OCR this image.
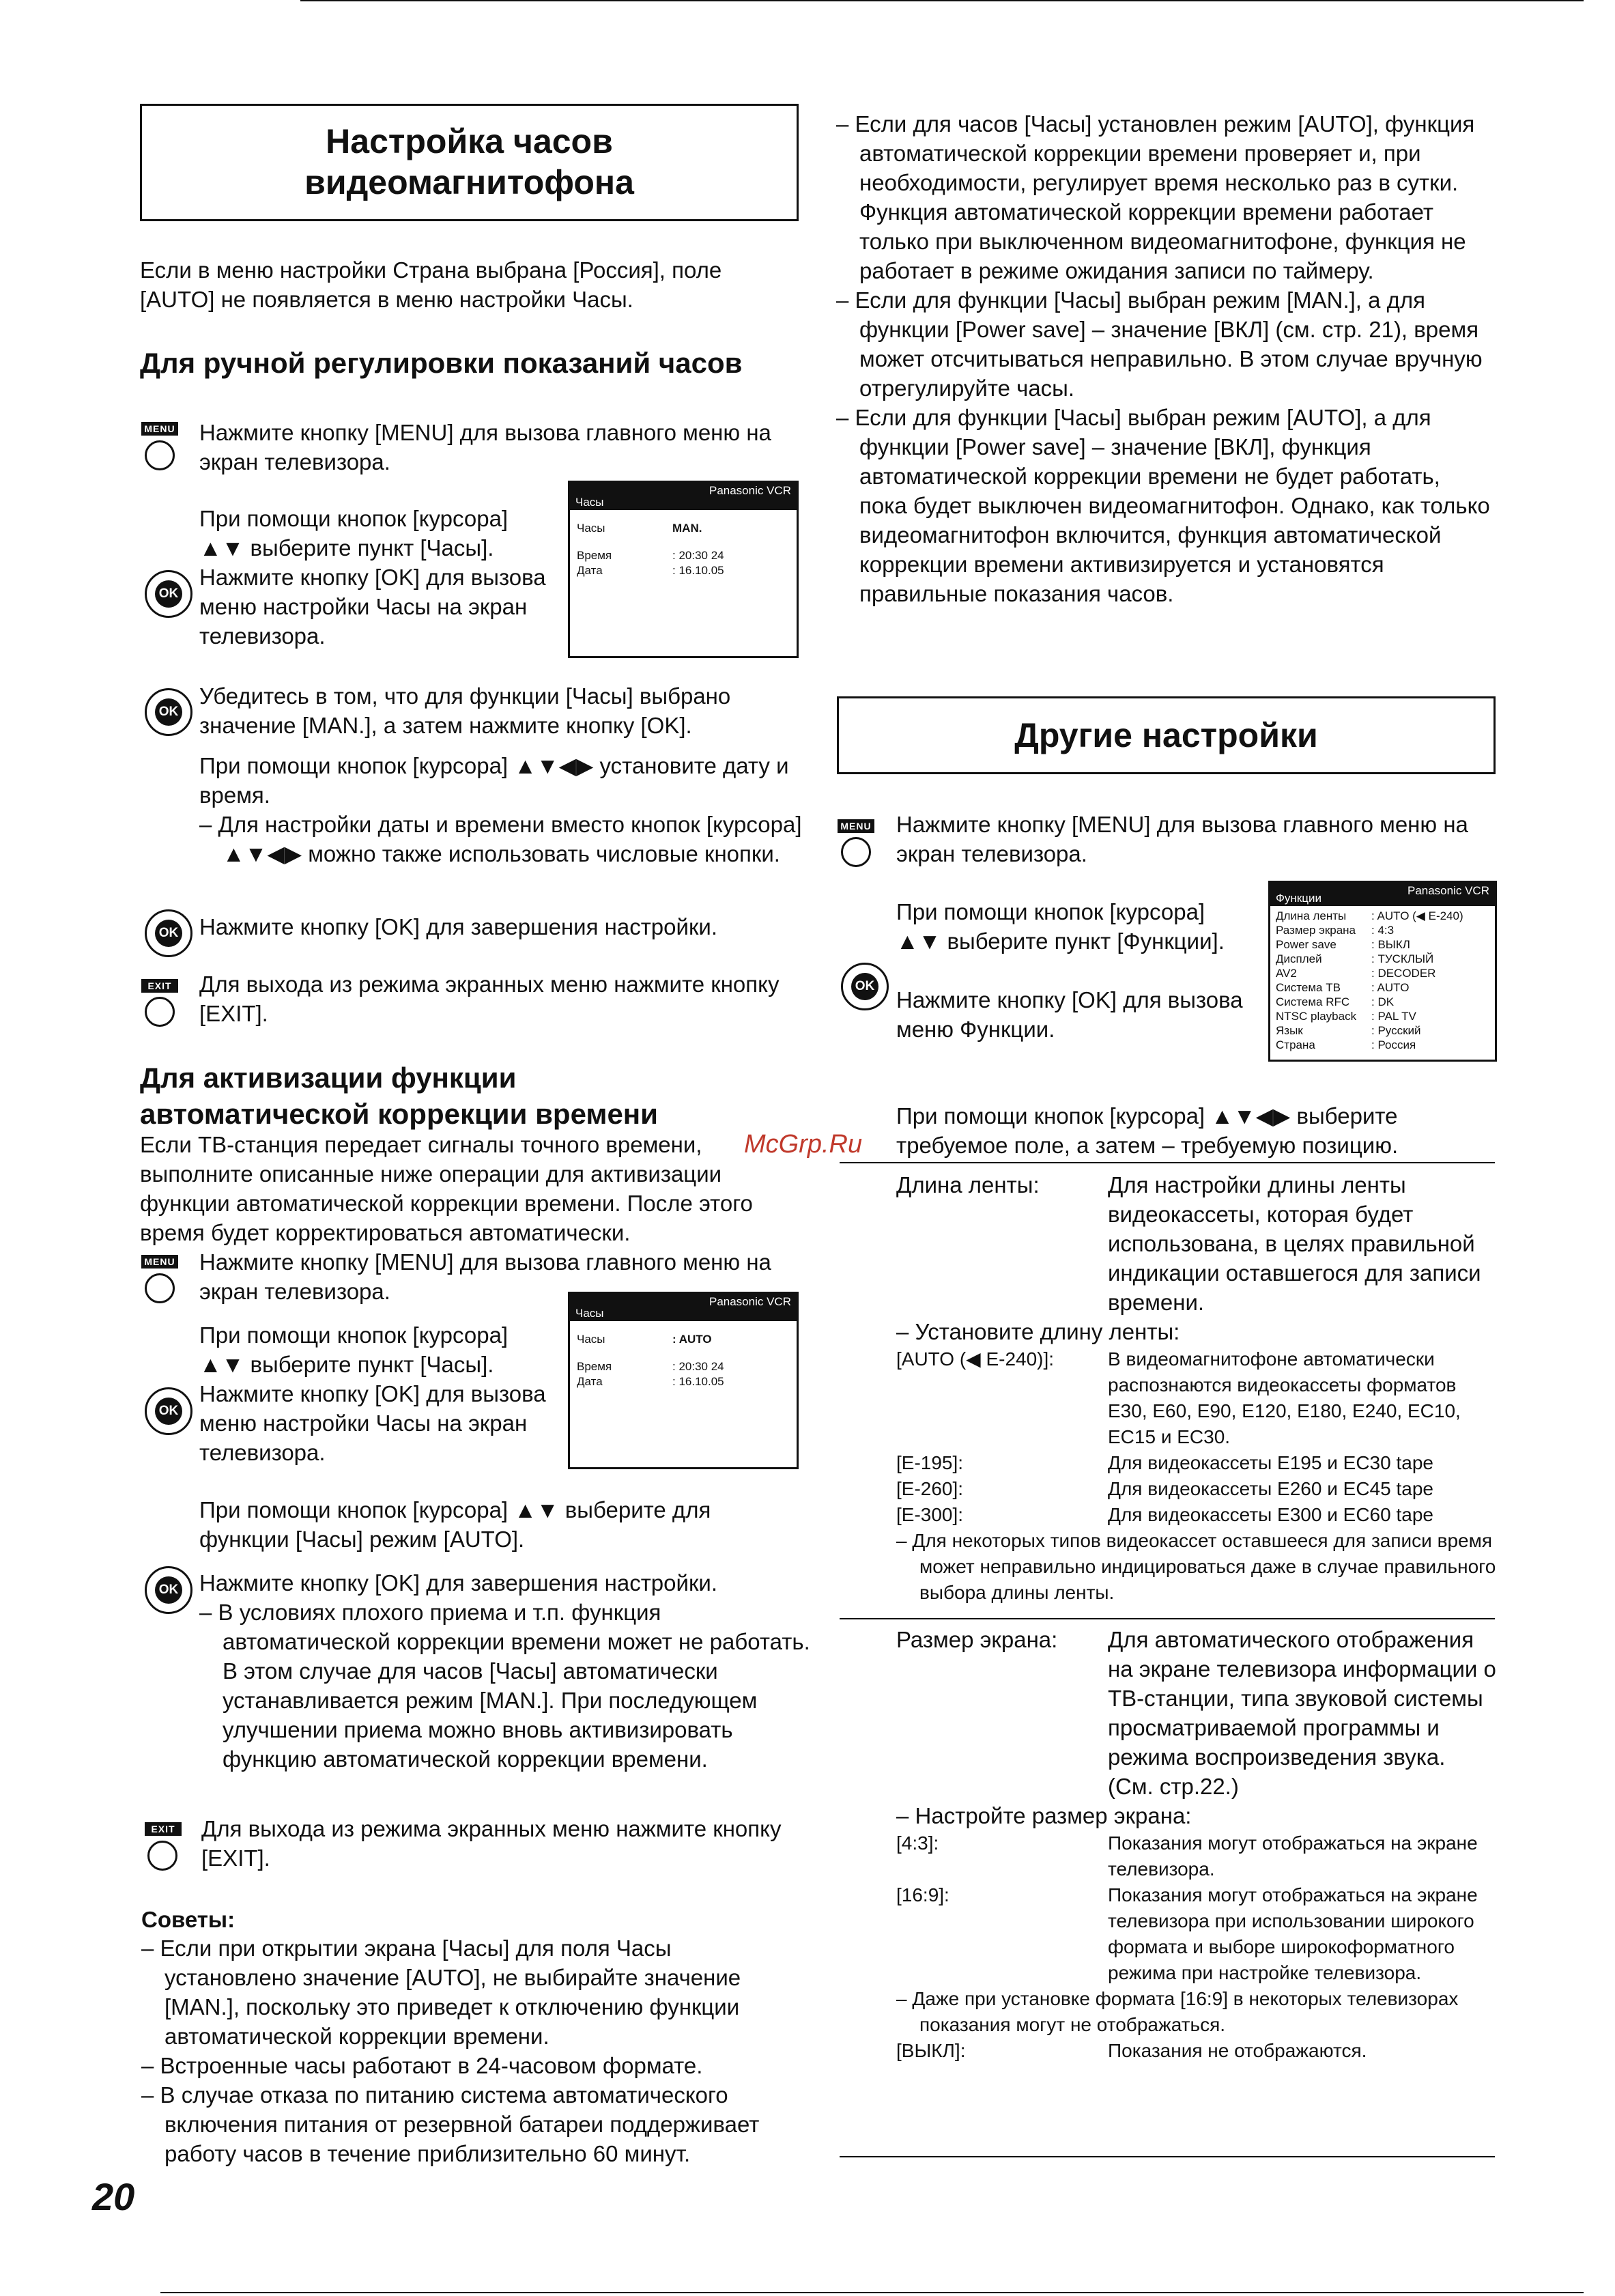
Настройка часов
видеомагнитофона

Если в меню настройки Страна выбрана [Россия], поле [AUTO] не появляется в меню настройки Часы.

Для ручной регулировки показаний часов

MENU Нажмите кнопку [MENU] для вызова главного меню на экран телевизора.

При помощи кнопок [курсора] ▲▼ выберите пункт [Часы].

OK

Нажмите кнопку [OK] для вызова меню настройки Часы на экран телевизора.

Panasonic VCR
Часы
Часы	MAN.
Время	: 20:30 24
Дата	: 16.10.05
OK

Убедитесь в том, что для функции [Часы] выбрано значение [MAN.], а затем нажмите кнопку [OK].

При помощи кнопок [курсора] ▲▼◀▶ установите дату и время.

– Для настройки даты и времени вместо кнопок [курсора] ▲▼◀▶ можно также использовать числовые кнопки.

OK Нажмите кнопку [OK] для завершения настройки.

EXIT Для выхода из режима экранных меню нажмите кнопку [EXIT].

Для активизации функции

автоматической коррекции времени

Если ТВ-станция передает сигналы точного времени, выполните описанные ниже операции для активизации функции автоматической коррекции времени. После этого время будет корректироваться автоматически.

MENU Нажмите кнопку [MENU] для вызова главного меню на экран телевизора.

При помощи кнопок [курсора] ▲▼ выберите пункт [Часы].

OK

Нажмите кнопку [OK] для вызова меню настройки Часы на экран телевизора.

Panasonic VCR
Часы
Часы	: AUTO
Время	: 20:30 24
Дата	: 16.10.05

При помощи кнопок [курсора] ▲▼ выберите для функции [Часы] режим [AUTO].

OK Нажмите кнопку [OK] для завершения настройки.

– В условиях плохого приема и т.п. функция автоматической коррекции времени может не работать. В этом случае для часов [Часы] автоматически устанавливается режим [MAN.]. При последующем улучшении приема можно вновь активизировать функцию автоматической коррекции времени.

EXIT Для выхода из режима экранных меню нажмите кнопку [EXIT].

Советы:

– Если при открытии экрана [Часы] для поля Часы установлено значение [AUTO], не выбирайте значение [MAN.], поскольку это приведет к отключению функции автоматической коррекции времени.

– Встроенные часы работают в 24-часовом формате.

– В случае отказа по питанию система автоматического включения питания от резервной батареи поддерживает работу часов в течение приблизительно 60 минут.

20

McGrp.Ru

– Если для часов [Часы] установлен режим [AUTO], функция автоматической коррекции времени проверяет и, при необходимости, регулирует время несколько раз в сутки.

Функция автоматической коррекции времени работает только при выключенном видеомагнитофоне, функция не работает в режиме ожидания записи по таймеру.

– Если для функции [Часы] выбран режим [MAN.], а для функции [Power save] – значение [ВКЛ] (см. стр. 21), время может отсчитываться неправильно. В этом случае вручную отрегулируйте часы.

– Если для функции [Часы] выбран режим [AUTO], а для функции [Power save] – значение [ВКЛ], функция автоматической коррекции времени не будет работать, пока будет выключен видеомагнитофон. Однако, как только видеомагнитофон включится, функция автоматической коррекции времени активизируется и установятся правильные показания часов.

Другие настройки
MENU Нажмите кнопку [MENU] для вызова главного меню на экран телевизора.

При помощи кнопок [курсора] ▲▼ выберите пункт [Функции].

OK

Нажмите кнопку [OK] для вызова меню Функции.

Panasonic VCR
Функции
Длина ленты	: AUTO (◀ E-240)
Размер экрана	: 4:3
Power save	: ВЫКЛ
Дисплей	: ТУСКЛЫЙ
AV2	: DECODER
Система ТВ	: AUTO
Система RFC	: DK
NTSC playback	: PAL TV
Язык	: Русский
Страна	: Россия

При помощи кнопок [курсора] ▲▼◀▶ выберите требуемое поле, а затем – требуемую позицию.

Длина ленты:	Для настройки длины ленты видеокассеты, которая будет использована, в целях правильной индикации оставшегося для записи времени.

– Установите длину ленты:

[AUTO (◀ E-240)]:	В видеомагнитофоне автоматически распознаются видеокассеты форматов E30, E60, E90, E120, E180, E240, EC10, EC15 и EC30.
[E-195]:	Для видеокассеты E195 и EC30 tape
[E-260]:	Для видеокассеты E260 и EC45 tape
[E-300]:	Для видеокассеты E300 и EC60 tape

– Для некоторых типов видеокассет оставшееся для записи время может неправильно индицироваться даже в случае правильного выбора длины ленты.

Размер экрана:	Для автоматического отображения на экране телевизора информации о ТВ-станции, типа звуковой системы просматриваемой программы и режима воспроизведения звука. (См. стр.22.)

– Настройте размер экрана:

[4:3]:	Показания могут отображаться на экране телевизора.
[16:9]:	Показания могут отображаться на экране телевизора при использовании широкого формата и выборе широкоформатного режима при настройке телевизора.

– Даже при установке формата [16:9] в некоторых телевизорах показания могут не отображаться.

[ВЫКЛ]:	Показания не отображаются.
